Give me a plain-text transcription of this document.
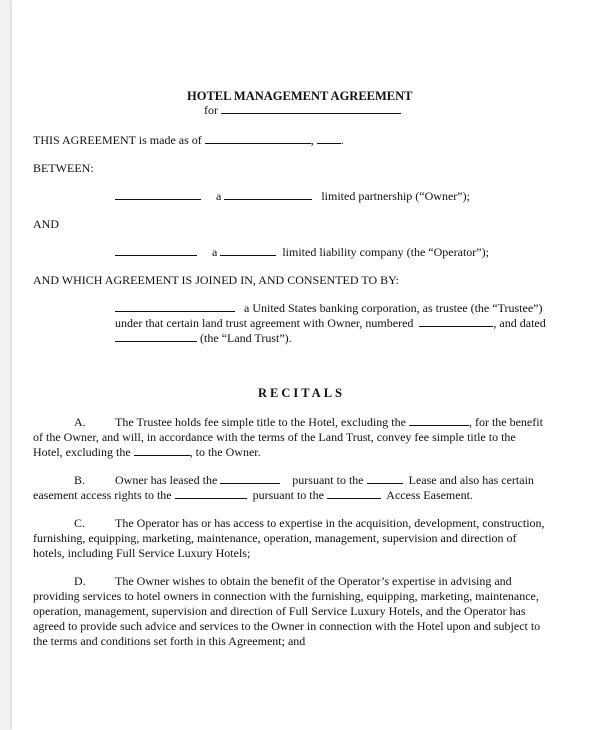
HOTEL MANAGEMENT AGREEMENT
for
THIS AGREEMENT is made as of	, .
BETWEEN:
a	limited partnership (“Owner”);
AND
a	limited liability company (the “Operator”);
AND WHICH AGREEMENT IS JOINED IN, AND CONSENTED TO BY:
a United States banking corporation, as trustee (the “Trustee”)
under that certain land trust agreement with Owner, numbered	, and dated
(the “Land Trust”).
RECITALS
A. The Trustee holds fee simple title to the Hotel, excluding the	, for the benefit
of the Owner, and will, in accordance with the terms of the Land Trust, convey fee simple title to the
Hotel, excluding the	, to the Owner.
B. Owner has leased the	pursuant to the	Lease and also has certain
easement access rights to the	pursuant to the	Access Easement.
C. The Operator has or has access to expertise in the acquisition, development, construction,
furnishing, equipping, marketing, maintenance, operation, management, supervision and direction of
hotels, including Full Service Luxury Hotels;
D. The Owner wishes to obtain the benefit of the Operator’s expertise in advising and
providing services to hotel owners in connection with the furnishing, equipping, marketing, maintenance,
operation, management, supervision and direction of Full Service Luxury Hotels, and the Operator has
agreed to provide such advice and services to the Owner in connection with the Hotel upon and subject to
the terms and conditions set forth in this Agreement; and
